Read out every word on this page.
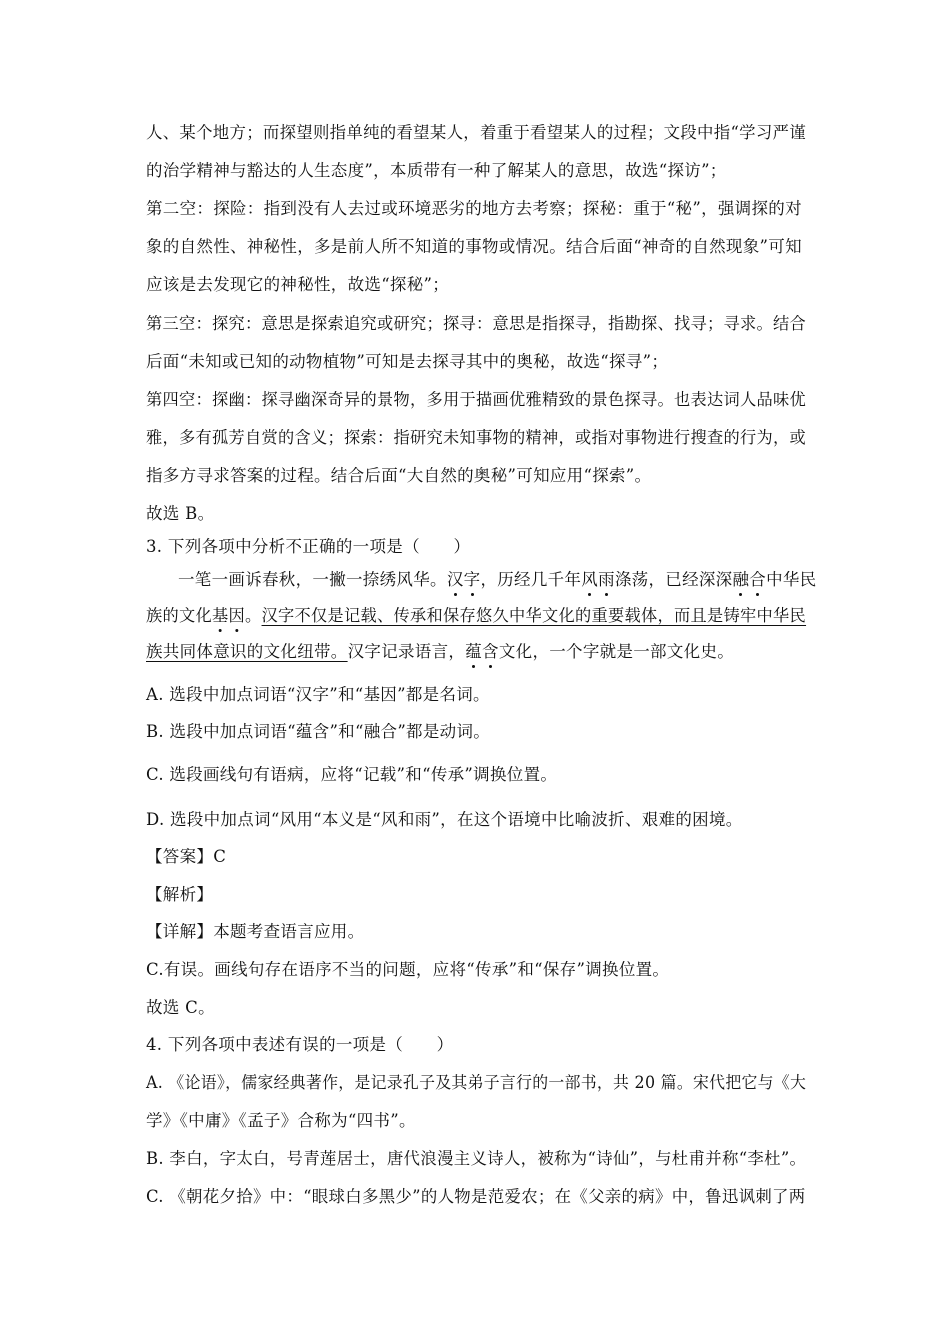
人、某个地方；而探望则指单纯的看望某人，着重于看望某人的过程；文段中指“学习严谨
的治学精神与豁达的人生态度”，本质带有一种了解某人的意思，故选“探访”；
第二空：探险：指到没有人去过或环境恶劣的地方去考察；探秘：重于“秘”，强调探的对
象的自然性、神秘性，多是前人所不知道的事物或情况。结合后面“神奇的自然现象”可知
应该是去发现它的神秘性，故选“探秘”；
第三空：探究：意思是探索追究或研究；探寻：意思是指探寻，指勘探、找寻；寻求。结合
后面“未知或已知的动物植物”可知是去探寻其中的奥秘，故选“探寻”；
第四空：探幽：探寻幽深奇异的景物，多用于描画优雅精致的景色探寻。也表达词人品味优
雅，多有孤芳自赏的含义；探索：指研究未知事物的精神，或指对事物进行搜查的行为，或
指多方寻求答案的过程。结合后面“大自然的奥秘”可知应用“探索”。
故选 B。
3. 下列各项中分析不正确的一项是（　　）
一笔一画诉春秋，一撇一捺绣风华。汉字，历经几千年风雨涤荡，已经深深融合中华民
族的文化基因。汉字不仅是记载、传承和保存悠久中华文化的重要载体，而且是铸牢中华民
族共同体意识的文化纽带。汉字记录语言，蕴含文化，一个字就是一部文化史。
A. 选段中加点词语“汉字”和“基因”都是名词。
B. 选段中加点词语“蕴含”和“融合”都是动词。
C. 选段画线句有语病，应将“记载”和“传承”调换位置。
D. 选段中加点词“风用“本义是“风和雨”，在这个语境中比喻波折、艰难的困境。
【答案】C
【解析】
【详解】本题考查语言应用。
C.有误。画线句存在语序不当的问题，应将“传承”和“保存”调换位置。
故选 C。
4. 下列各项中表述有误的一项是（　　）
A. 《论语》，儒家经典著作，是记录孔子及其弟子言行的一部书，共 20 篇。宋代把它与《大
学》《中庸》《孟子》合称为“四书”。
B. 李白，字太白，号青莲居士，唐代浪漫主义诗人，被称为“诗仙”，与杜甫并称“李杜”。
C. 《朝花夕拾》中：“眼球白多黑少”的人物是范爱农；在《父亲的病》中，鲁迅讽刺了两
